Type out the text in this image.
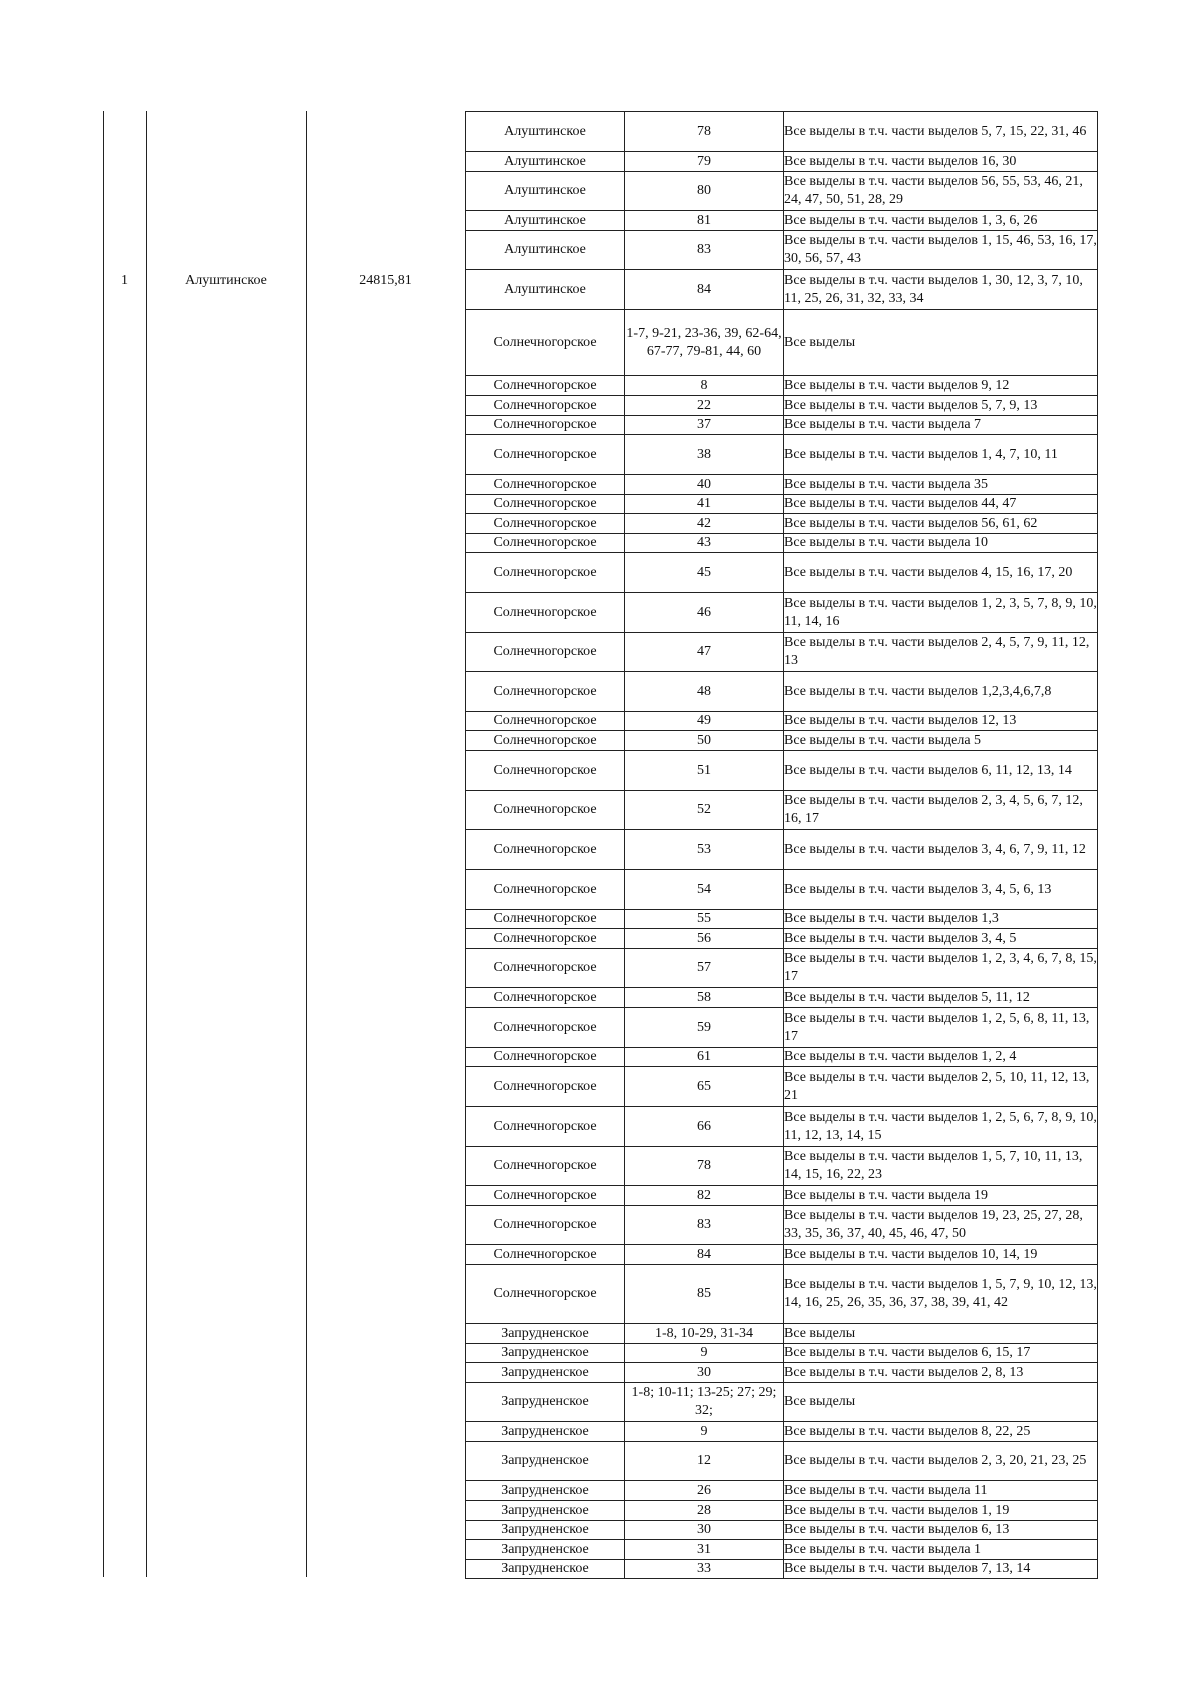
1	Алуштинское	24815,81
Алуштинское	78	Все выделы в т.ч. части выделов 5, 7, 15, 22, 31, 46
Алуштинское	79	Все выделы в т.ч. части выделов 16, 30
Алуштинское	80	Все выделы в т.ч. части выделов 56, 55, 53, 46, 21, 24, 47, 50, 51, 28, 29
Алуштинское	81	Все выделы в т.ч. части выделов 1, 3, 6, 26
Алуштинское	83	Все выделы в т.ч. части выделов 1, 15, 46, 53, 16, 17, 30, 56, 57, 43
Алуштинское	84	Все выделы в т.ч. части выделов 1, 30, 12, 3, 7, 10, 11, 25, 26, 31, 32, 33, 34
Солнечногорское	1-7, 9-21, 23-36, 39, 62-64, 67-77, 79-81, 44, 60	Все выделы
Солнечногорское	8	Все выделы в т.ч. части выделов 9, 12
Солнечногорское	22	Все выделы в т.ч. части выделов 5, 7, 9, 13
Солнечногорское	37	Все выделы в т.ч. части выдела 7
Солнечногорское	38	Все выделы в т.ч. части выделов 1, 4, 7, 10, 11
Солнечногорское	40	Все выделы в т.ч. части выдела 35
Солнечногорское	41	Все выделы в т.ч. части выделов 44, 47
Солнечногорское	42	Все выделы в т.ч. части выделов 56, 61, 62
Солнечногорское	43	Все выделы в т.ч. части выдела 10
Солнечногорское	45	Все выделы в т.ч. части выделов 4, 15, 16, 17, 20
Солнечногорское	46	Все выделы в т.ч. части выделов 1, 2, 3, 5, 7, 8, 9, 10, 11, 14, 16
Солнечногорское	47	Все выделы в т.ч. части выделов 2, 4, 5, 7, 9, 11, 12, 13
Солнечногорское	48	Все выделы в т.ч. части выделов 1,2,3,4,6,7,8
Солнечногорское	49	Все выделы в т.ч. части выделов 12, 13
Солнечногорское	50	Все выделы в т.ч. части выдела 5
Солнечногорское	51	Все выделы в т.ч. части выделов 6, 11, 12, 13, 14
Солнечногорское	52	Все выделы в т.ч. части выделов 2, 3, 4, 5, 6, 7, 12, 16, 17
Солнечногорское	53	Все выделы в т.ч. части выделов 3, 4, 6, 7, 9, 11, 12
Солнечногорское	54	Все выделы в т.ч. части выделов 3, 4, 5, 6, 13
Солнечногорское	55	Все выделы в т.ч. части выделов 1,3
Солнечногорское	56	Все выделы в т.ч. части выделов 3, 4, 5
Солнечногорское	57	Все выделы в т.ч. части выделов 1, 2, 3, 4, 6, 7, 8, 15, 17
Солнечногорское	58	Все выделы в т.ч. части выделов 5, 11, 12
Солнечногорское	59	Все выделы в т.ч. части выделов 1, 2, 5, 6, 8, 11, 13, 17
Солнечногорское	61	Все выделы в т.ч. части выделов 1, 2, 4
Солнечногорское	65	Все выделы в т.ч. части выделов 2, 5, 10, 11, 12, 13, 21
Солнечногорское	66	Все выделы в т.ч. части выделов 1, 2, 5, 6, 7, 8, 9, 10, 11, 12, 13, 14, 15
Солнечногорское	78	Все выделы в т.ч. части выделов 1, 5, 7, 10, 11, 13, 14, 15, 16, 22, 23
Солнечногорское	82	Все выделы в т.ч. части выдела 19
Солнечногорское	83	Все выделы в т.ч. части выделов 19, 23, 25, 27, 28, 33, 35, 36, 37, 40, 45, 46, 47, 50
Солнечногорское	84	Все выделы в т.ч. части выделов 10, 14, 19
Солнечногорское	85	Все выделы в т.ч. части выделов 1, 5, 7, 9, 10, 12, 13, 14, 16, 25, 26, 35, 36, 37, 38, 39, 41, 42
Запрудненское	1-8, 10-29, 31-34	Все выделы
Запрудненское	9	Все выделы в т.ч. части выделов 6, 15, 17
Запрудненское	30	Все выделы в т.ч. части выделов 2, 8, 13
Запрудненское	1-8; 10-11; 13-25; 27; 29; 32;	Все выделы
Запрудненское	9	Все выделы в т.ч. части выделов 8, 22, 25
Запрудненское	12	Все выделы в т.ч. части выделов 2, 3, 20, 21, 23, 25
Запрудненское	26	Все выделы в т.ч. части выдела 11
Запрудненское	28	Все выделы в т.ч. части выделов 1, 19
Запрудненское	30	Все выделы в т.ч. части выделов 6, 13
Запрудненское	31	Все выделы в т.ч. части выдела 1
Запрудненское	33	Все выделы в т.ч. части выделов 7, 13, 14
